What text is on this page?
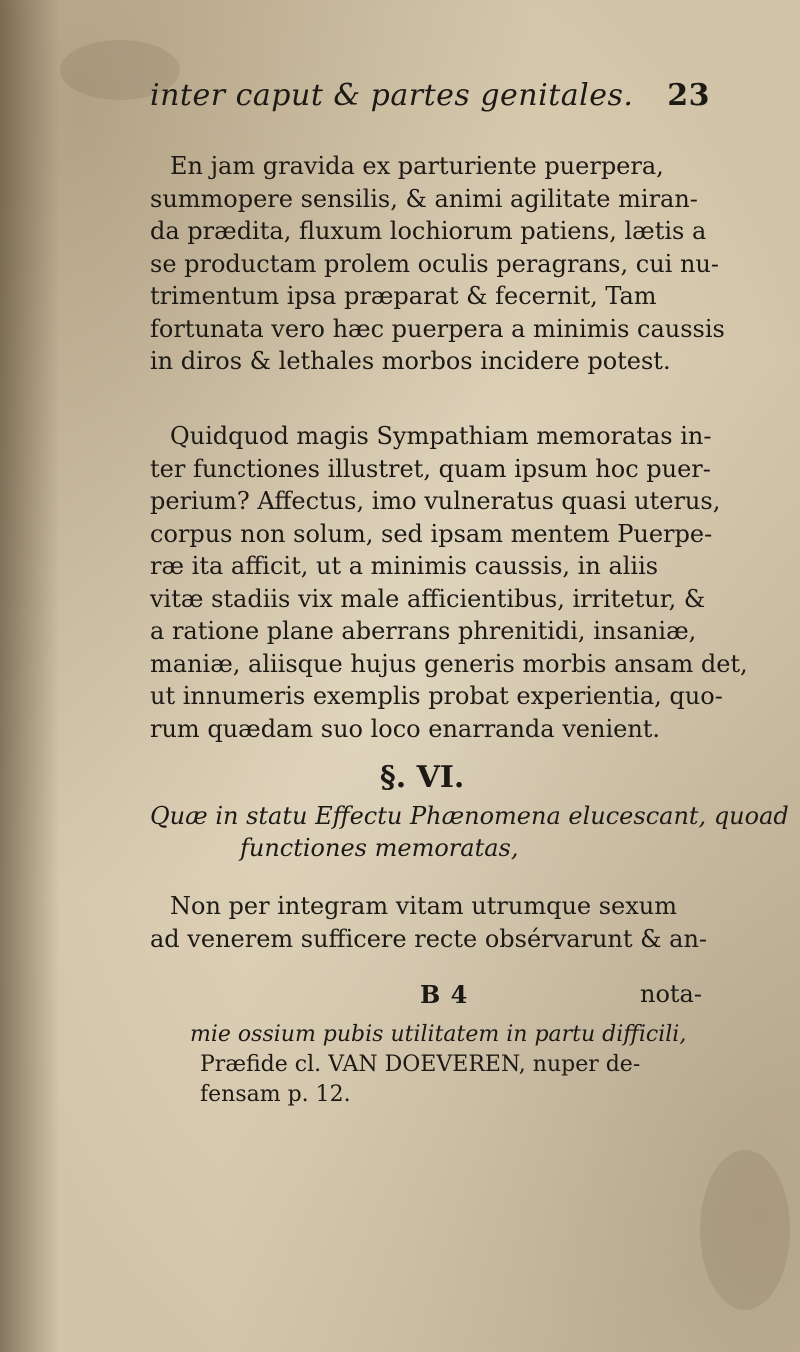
inter caput & partes genitales. 23
En jam gravida ex parturiente puerpera,
summopere sensilis, & animi agilitate miran-
da prædita, fluxum lochiorum patiens, lætis a
se productam prolem oculis peragrans, cui nu-
trimentum ipsa præparat & fecernit, Tam
fortunata vero hæc puerpera a minimis caussis
in diros & lethales morbos incidere potest.
Quidquod magis Sympathiam memoratas in-
ter functiones illustret, quam ipsum hoc puer-
perium? Affectus, imo vulneratus quasi uterus,
corpus non solum, sed ipsam mentem Puerpe-
ræ ita afficit, ut a minimis caussis, in aliis
vitæ stadiis vix male afficientibus, irritetur, &
a ratione plane aberrans phrenitidi, insaniæ,
maniæ, aliisque hujus generis morbis ansam det,
ut innumeris exemplis probat experientia, quo-
rum quædam suo loco enarranda venient.
§. VI.
Quæ in statu Effectu Phænomena elucescant, quoad
functiones memoratas,
Non per integram vitam utrumque sexum
ad venerem sufficere recte obsérvarunt & an-
B 4	nota-
mie ossium pubis utilitatem in partu difficili,
Præfide cl. VAN DOEVEREN, nuper de-
fensam p. 12.
